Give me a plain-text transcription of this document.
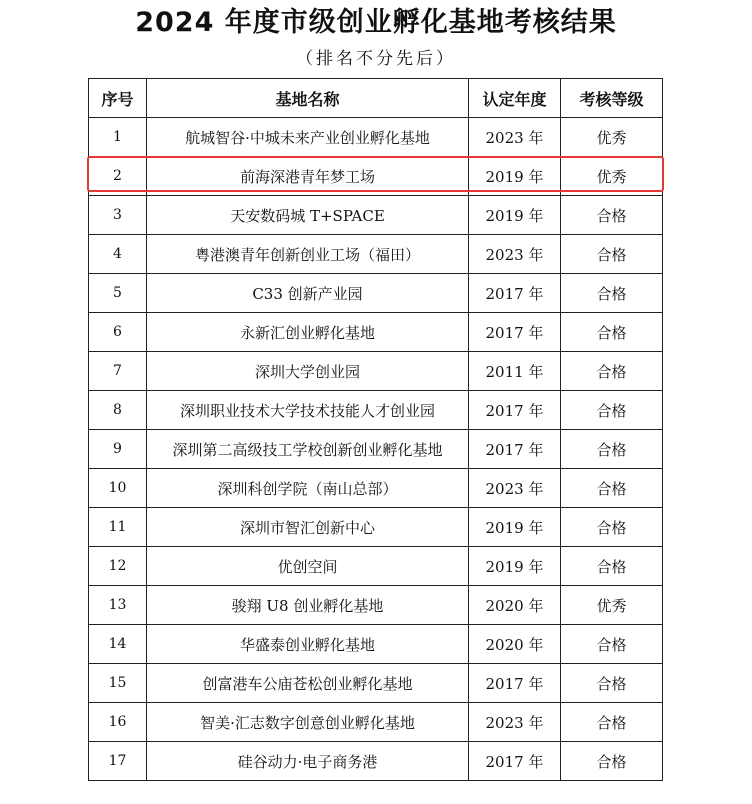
2024 年度市级创业孵化基地考核结果
（排名不分先后）
序号	基地名称	认定年度	考核等级
1	航城智谷·中城未来产业创业孵化基地	2023 年	优秀
2	前海深港青年梦工场	2019 年	优秀
3	天安数码城 T+SPACE	2019 年	合格
4	粤港澳青年创新创业工场（福田）	2023 年	合格
5	C33 创新产业园	2017 年	合格
6	永新汇创业孵化基地	2017 年	合格
7	深圳大学创业园	2011 年	合格
8	深圳职业技术大学技术技能人才创业园	2017 年	合格
9	深圳第二高级技工学校创新创业孵化基地	2017 年	合格
10	深圳科创学院（南山总部）	2023 年	合格
11	深圳市智汇创新中心	2019 年	合格
12	优创空间	2019 年	合格
13	骏翔 U8 创业孵化基地	2020 年	优秀
14	华盛泰创业孵化基地	2020 年	合格
15	创富港车公庙苍松创业孵化基地	2017 年	合格
16	智美·汇志数字创意创业孵化基地	2023 年	合格
17	硅谷动力·电子商务港	2017 年	合格
